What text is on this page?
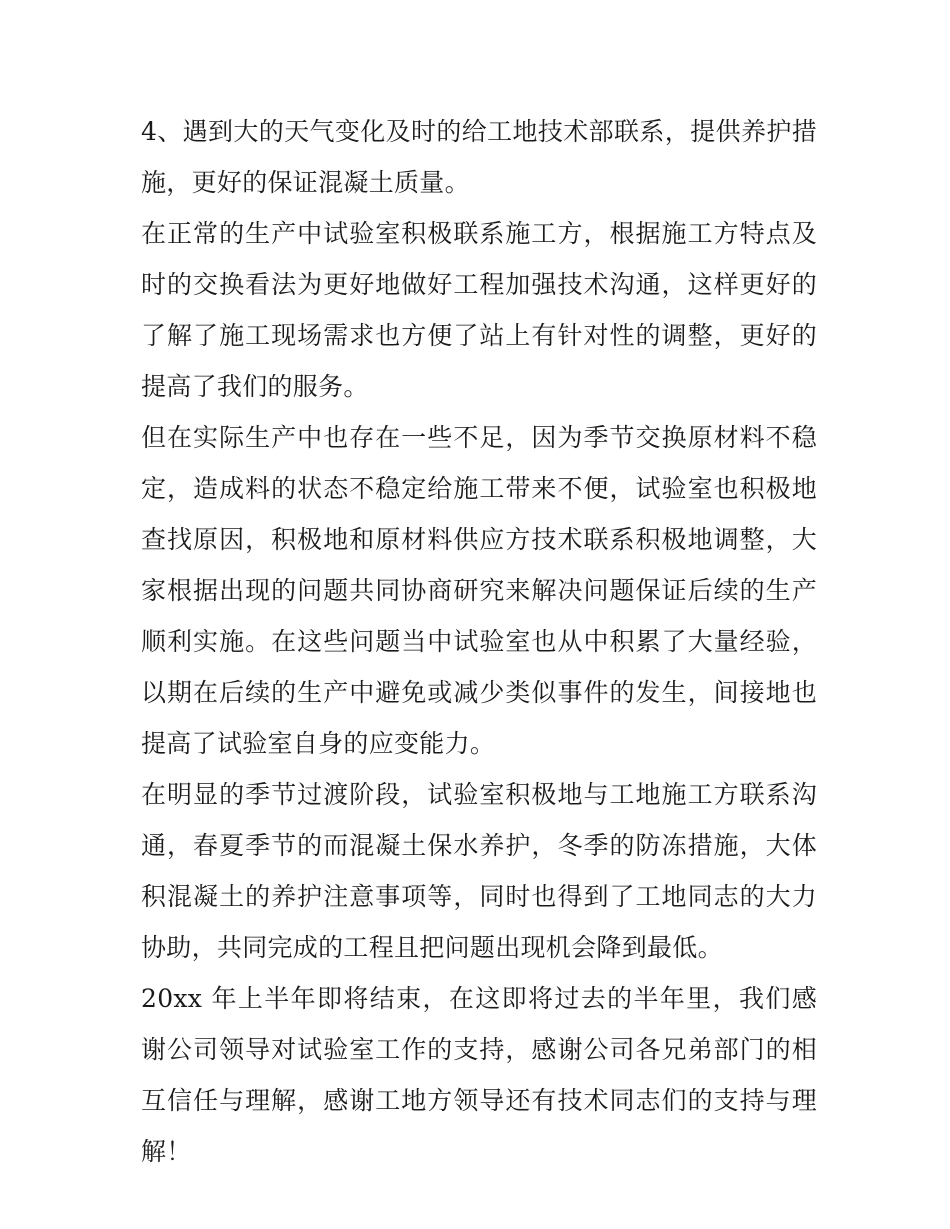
4、遇到大的天气变化及时的给工地技术部联系，提供养护措施，更好的保证混凝土质量。

在正常的生产中试验室积极联系施工方，根据施工方特点及时的交换看法为更好地做好工程加强技术沟通，这样更好的了解了施工现场需求也方便了站上有针对性的调整，更好的提高了我们的服务。

但在实际生产中也存在一些不足，因为季节交换原材料不稳定，造成料的状态不稳定给施工带来不便，试验室也积极地查找原因，积极地和原材料供应方技术联系积极地调整，大家根据出现的问题共同协商研究来解决问题保证后续的生产顺利实施。在这些问题当中试验室也从中积累了大量经验，以期在后续的生产中避免或减少类似事件的发生，间接地也提高了试验室自身的应变能力。

在明显的季节过渡阶段，试验室积极地与工地施工方联系沟通，春夏季节的而混凝土保水养护，冬季的防冻措施，大体积混凝土的养护注意事项等，同时也得到了工地同志的大力协助，共同完成的工程且把问题出现机会降到最低。

20xx 年上半年即将结束，在这即将过去的半年里，我们感谢公司领导对试验室工作的支持，感谢公司各兄弟部门的相互信任与理解，感谢工地方领导还有技术同志们的支持与理解！
